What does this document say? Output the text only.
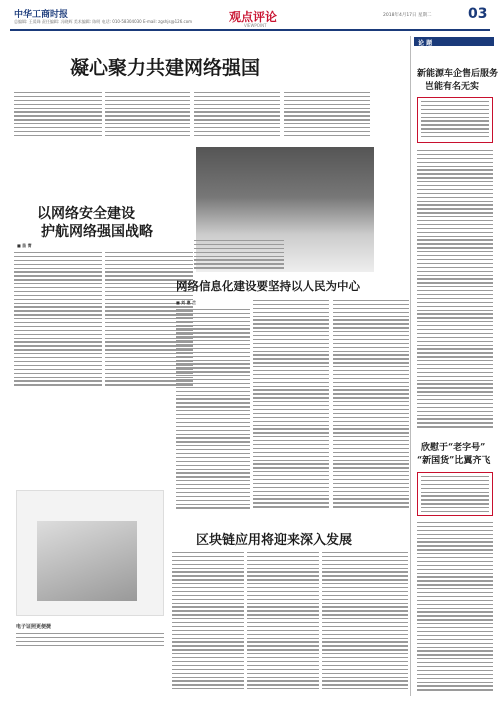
中华工商时报
总编辑: 王爱珠 责任编辑: 冯晓辉 美术编辑: 陈明 电话: 010-58304030 E-mail: zgshjs@126.com	观点评论
VIEWPOINT
2018年4月17日 星期二	03
凝心聚力共建网络强国
以网络安全建设
护航网络强国战略
■ 苗 青
网络信息化建设要坚持以人民为中心
■ 刘 惠 兰
电子证照更便捷
区块链应用将迎来深入发展
论 题
新能源车企售后服务
岂能有名无实
欣慰于“老字号”
“新国货”比翼齐飞
